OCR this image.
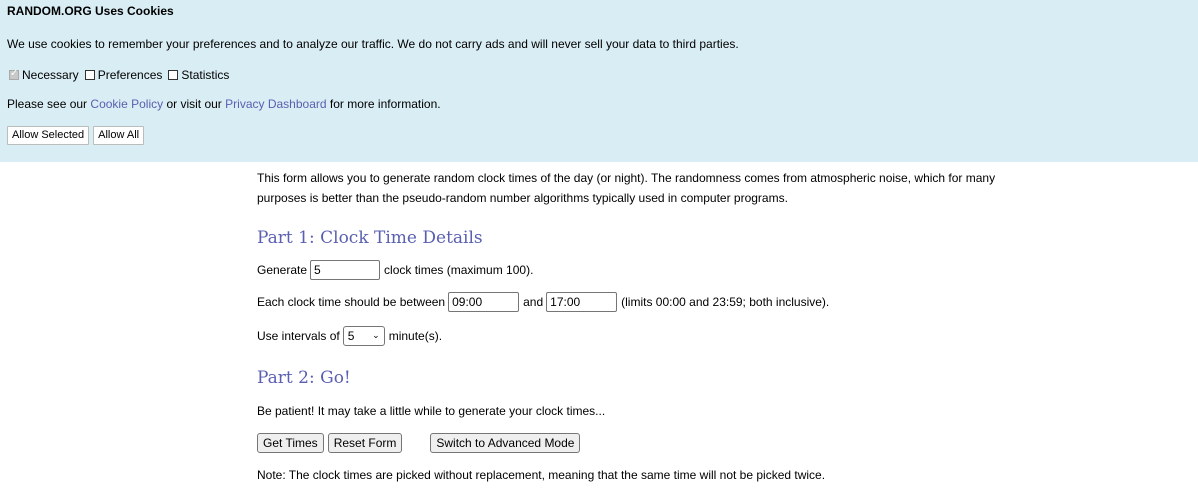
RANDOM.ORG Uses Cookies
We use cookies to remember your preferences and to analyze our traffic. We do not carry ads and will never sell your data to third parties.
✓
Necessary Preferences Statistics
Please see our Cookie Policy or visit our Privacy Dashboard for more information.
Allow Selected	Allow All
This form allows you to generate random clock times of the day (or night). The randomness comes from atmospheric noise, which for many purposes is better than the pseudo-random number algorithms typically used in computer programs.
Part 1: Clock Time Details
Generate
5	clock times (maximum 100).
Each clock time should be between
09:00	and
17:00	(limits 00:00 and 23:59; both inclusive).
Use intervals of 5 ⌄ minute(s).
Part 2: Go!
Be patient! It may take a little while to generate your clock times...
Get Times	Reset Form	Switch to Advanced Mode
Note: The clock times are picked without replacement, meaning that the same time will not be picked twice.
